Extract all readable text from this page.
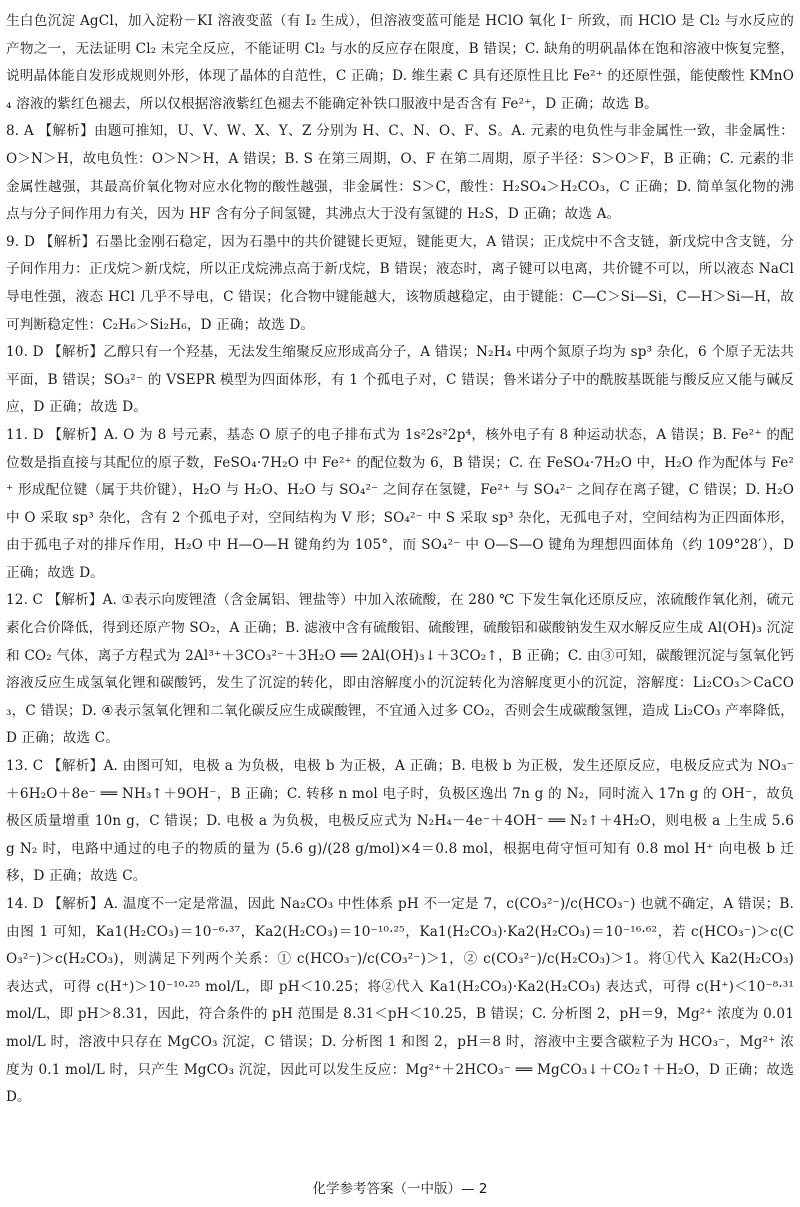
生白色沉淀 AgCl，加入淀粉－KI 溶液变蓝（有 I₂ 生成），但溶液变蓝可能是 HClO 氧化 I⁻ 所致，而 HClO 是 Cl₂ 与水反应的产物之一，无法证明 Cl₂ 未完全反应，不能证明 Cl₂ 与水的反应存在限度，B 错误；C. 缺角的明矾晶体在饱和溶液中恢复完整，说明晶体能自发形成规则外形，体现了晶体的自范性，C 正确；D. 维生素 C 具有还原性且比 Fe²⁺ 的还原性强，能使酸性 KMnO₄ 溶液的紫红色褪去，所以仅根据溶液紫红色褪去不能确定补铁口服液中是否含有 Fe²⁺，D 正确；故选 B。

8. A 【解析】由题可推知，U、V、W、X、Y、Z 分别为 H、C、N、O、F、S。A. 元素的电负性与非金属性一致，非金属性：O＞N＞H，故电负性：O＞N＞H，A 错误；B. S 在第三周期，O、F 在第二周期，原子半径：S＞O＞F，B 正确；C. 元素的非金属性越强，其最高价氧化物对应水化物的酸性越强，非金属性：S＞C，酸性：H₂SO₄＞H₂CO₃，C 正确；D. 简单氢化物的沸点与分子间作用力有关，因为 HF 含有分子间氢键，其沸点大于没有氢键的 H₂S，D 正确；故选 A。

9. D 【解析】石墨比金刚石稳定，因为石墨中的共价键键长更短，键能更大，A 错误；正戊烷中不含支链，新戊烷中含支链，分子间作用力：正戊烷＞新戊烷，所以正戊烷沸点高于新戊烷，B 错误；液态时，离子键可以电离，共价键不可以，所以液态 NaCl 导电性强，液态 HCl 几乎不导电，C 错误；化合物中键能越大，该物质越稳定，由于键能：C—C＞Si—Si，C—H＞Si—H，故可判断稳定性：C₂H₆＞Si₂H₆，D 正确；故选 D。

10. D 【解析】乙醇只有一个羟基，无法发生缩聚反应形成高分子，A 错误；N₂H₄ 中两个氮原子均为 sp³ 杂化，6 个原子无法共平面，B 错误；SO₃²⁻ 的 VSEPR 模型为四面体形，有 1 个孤电子对，C 错误；鲁米诺分子中的酰胺基既能与酸反应又能与碱反应，D 正确；故选 D。

11. D 【解析】A. O 为 8 号元素，基态 O 原子的电子排布式为 1s²2s²2p⁴，核外电子有 8 种运动状态，A 错误；B. Fe²⁺ 的配位数是指直接与其配位的原子数，FeSO₄·7H₂O 中 Fe²⁺ 的配位数为 6，B 错误；C. 在 FeSO₄·7H₂O 中，H₂O 作为配体与 Fe²⁺ 形成配位键（属于共价键），H₂O 与 H₂O、H₂O 与 SO₄²⁻ 之间存在氢键，Fe²⁺ 与 SO₄²⁻ 之间存在离子键，C 错误；D. H₂O 中 O 采取 sp³ 杂化，含有 2 个孤电子对，空间结构为 V 形；SO₄²⁻ 中 S 采取 sp³ 杂化，无孤电子对，空间结构为正四面体形，由于孤电子对的排斥作用，H₂O 中 H—O—H 键角约为 105°，而 SO₄²⁻ 中 O—S—O 键角为理想四面体角（约 109°28′），D 正确；故选 D。

12. C 【解析】A. ①表示向废锂渣（含金属铝、锂盐等）中加入浓硫酸，在 280 ℃ 下发生氧化还原反应，浓硫酸作氧化剂，硫元素化合价降低，得到还原产物 SO₂，A 正确；B. 滤液中含有硫酸铝、硫酸锂，硫酸铝和碳酸钠发生双水解反应生成 Al(OH)₃ 沉淀和 CO₂ 气体，离子方程式为 2Al³⁺＋3CO₃²⁻＋3H₂O ══ 2Al(OH)₃↓＋3CO₂↑，B 正确；C. 由③可知，碳酸锂沉淀与氢氧化钙溶液反应生成氢氧化锂和碳酸钙，发生了沉淀的转化，即由溶解度小的沉淀转化为溶解度更小的沉淀，溶解度：Li₂CO₃＞CaCO₃，C 错误；D. ④表示氢氧化锂和二氧化碳反应生成碳酸锂，不宜通入过多 CO₂，否则会生成碳酸氢锂，造成 Li₂CO₃ 产率降低，D 正确；故选 C。

13. C 【解析】A. 由图可知，电极 a 为负极，电极 b 为正极，A 正确；B. 电极 b 为正极，发生还原反应，电极反应式为 NO₃⁻＋6H₂O＋8e⁻ ══ NH₃↑＋9OH⁻，B 正确；C. 转移 n mol 电子时，负极区逸出 7n g 的 N₂，同时流入 17n g 的 OH⁻，故负极区质量增重 10n g，C 错误；D. 电极 a 为负极，电极反应式为 N₂H₄－4e⁻＋4OH⁻ ══ N₂↑＋4H₂O，则电极 a 上生成 5.6 g N₂ 时，电路中通过的电子的物质的量为 (5.6 g)/(28 g/mol)×4＝0.8 mol，根据电荷守恒可知有 0.8 mol H⁺ 向电极 b 迁移，D 正确；故选 C。

14. D 【解析】A. 温度不一定是常温，因此 Na₂CO₃ 中性体系 pH 不一定是 7，c(CO₃²⁻)/c(HCO₃⁻) 也就不确定，A 错误；B. 由图 1 可知，Ka1(H₂CO₃)＝10⁻⁶·³⁷，Ka2(H₂CO₃)＝10⁻¹⁰·²⁵，Ka1(H₂CO₃)·Ka2(H₂CO₃)＝10⁻¹⁶·⁶²，若 c(HCO₃⁻)＞c(CO₃²⁻)＞c(H₂CO₃)，则满足下列两个关系：① c(HCO₃⁻)/c(CO₃²⁻)＞1，② c(CO₃²⁻)/c(H₂CO₃)＞1。将①代入 Ka2(H₂CO₃) 表达式，可得 c(H⁺)＞10⁻¹⁰·²⁵ mol/L，即 pH＜10.25；将②代入 Ka1(H₂CO₃)·Ka2(H₂CO₃) 表达式，可得 c(H⁺)＜10⁻⁸·³¹ mol/L，即 pH＞8.31，因此，符合条件的 pH 范围是 8.31＜pH＜10.25，B 错误；C. 分析图 2，pH＝9，Mg²⁺ 浓度为 0.01 mol/L 时，溶液中只存在 MgCO₃ 沉淀，C 错误；D. 分析图 1 和图 2，pH＝8 时，溶液中主要含碳粒子为 HCO₃⁻，Mg²⁺ 浓度为 0.1 mol/L 时，只产生 MgCO₃ 沉淀，因此可以发生反应：Mg²⁺＋2HCO₃⁻ ══ MgCO₃↓＋CO₂↑＋H₂O，D 正确；故选 D。

化学参考答案（一中版）— 2
